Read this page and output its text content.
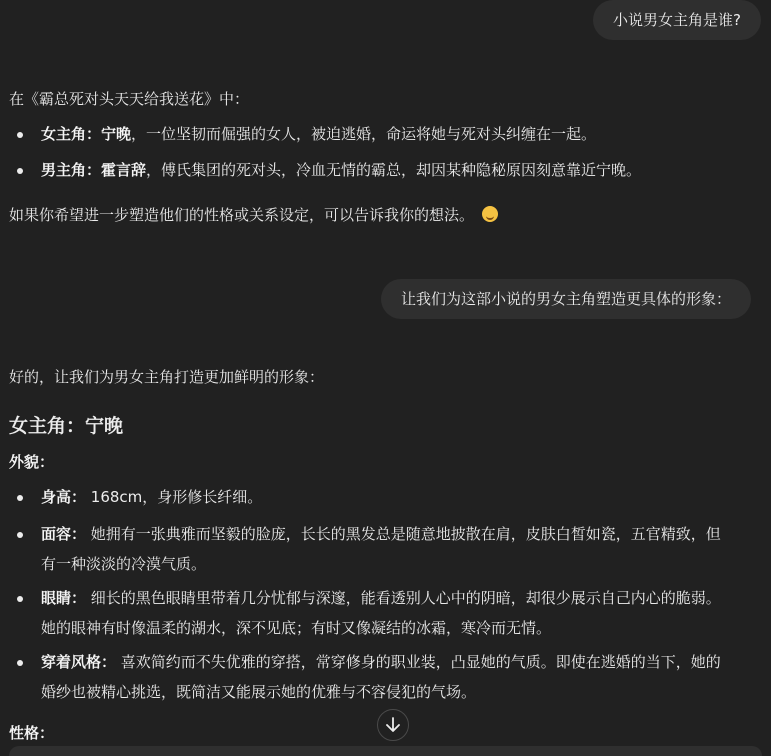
小说男女主角是谁?

在《霸总死对头天天给我送花》中：

女主角：宁晚，一位坚韧而倔强的女人，被迫逃婚，命运将她与死对头纠缠在一起。
男主角：霍言辞，傅氏集团的死对头，冷血无情的霸总，却因某种隐秘原因刻意靠近宁晚。

如果你希望进一步塑造他们的性格或关系设定，可以告诉我你的想法。

让我们为这部小说的男女主角塑造更具体的形象：

好的，让我们为男女主角打造更加鲜明的形象：

女主角：宁晚

外貌：

身高： 168cm，身形修长纤细。
面容： 她拥有一张典雅而坚毅的脸庞，长长的黑发总是随意地披散在肩，皮肤白皙如瓷，五官精致，但
有一种淡淡的冷漠气质。
眼睛： 细长的黑色眼睛里带着几分忧郁与深邃，能看透别人心中的阴暗，却很少展示自己内心的脆弱。
她的眼神有时像温柔的湖水，深不见底；有时又像凝结的冰霜，寒冷而无情。
穿着风格： 喜欢简约而不失优雅的穿搭，常穿修身的职业装，凸显她的气质。即使在逃婚的当下，她的
婚纱也被精心挑选，既简洁又能展示她的优雅与不容侵犯的气场。

性格：
